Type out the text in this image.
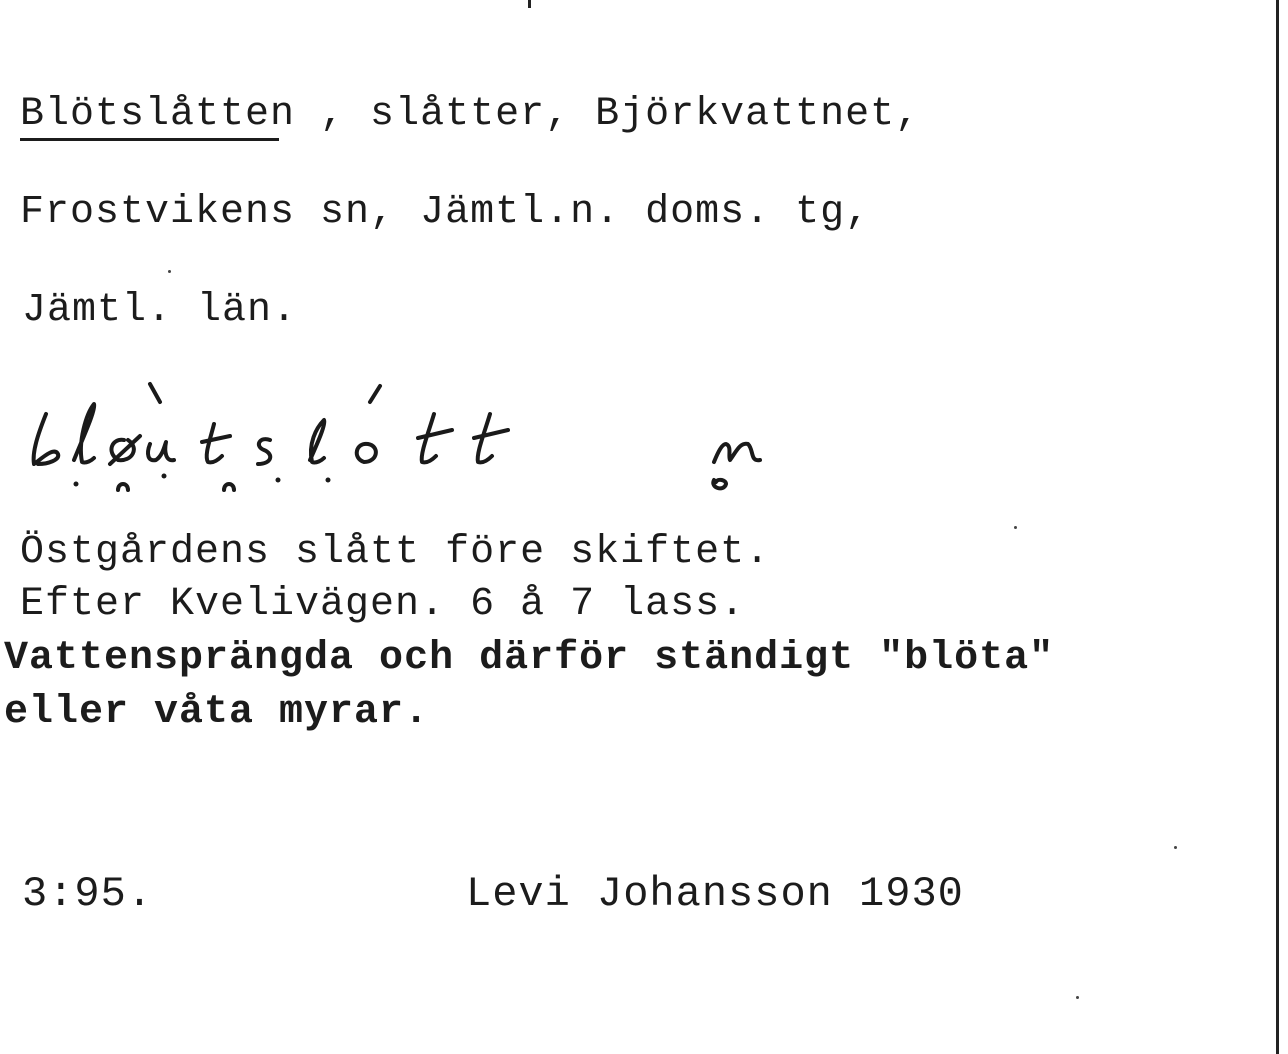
Blötslåtten
, slåtter, Björkvattnet,

Frostvikens sn, Jämtl.n. doms. tg,

Jämtl. län.

Östgårdens slått före skiftet.

Efter Kvelivägen. 6 å 7 lass.

Vattensprängda och därför ständigt "blöta"

eller våta myrar.

3:95.	Levi Johansson 1930
